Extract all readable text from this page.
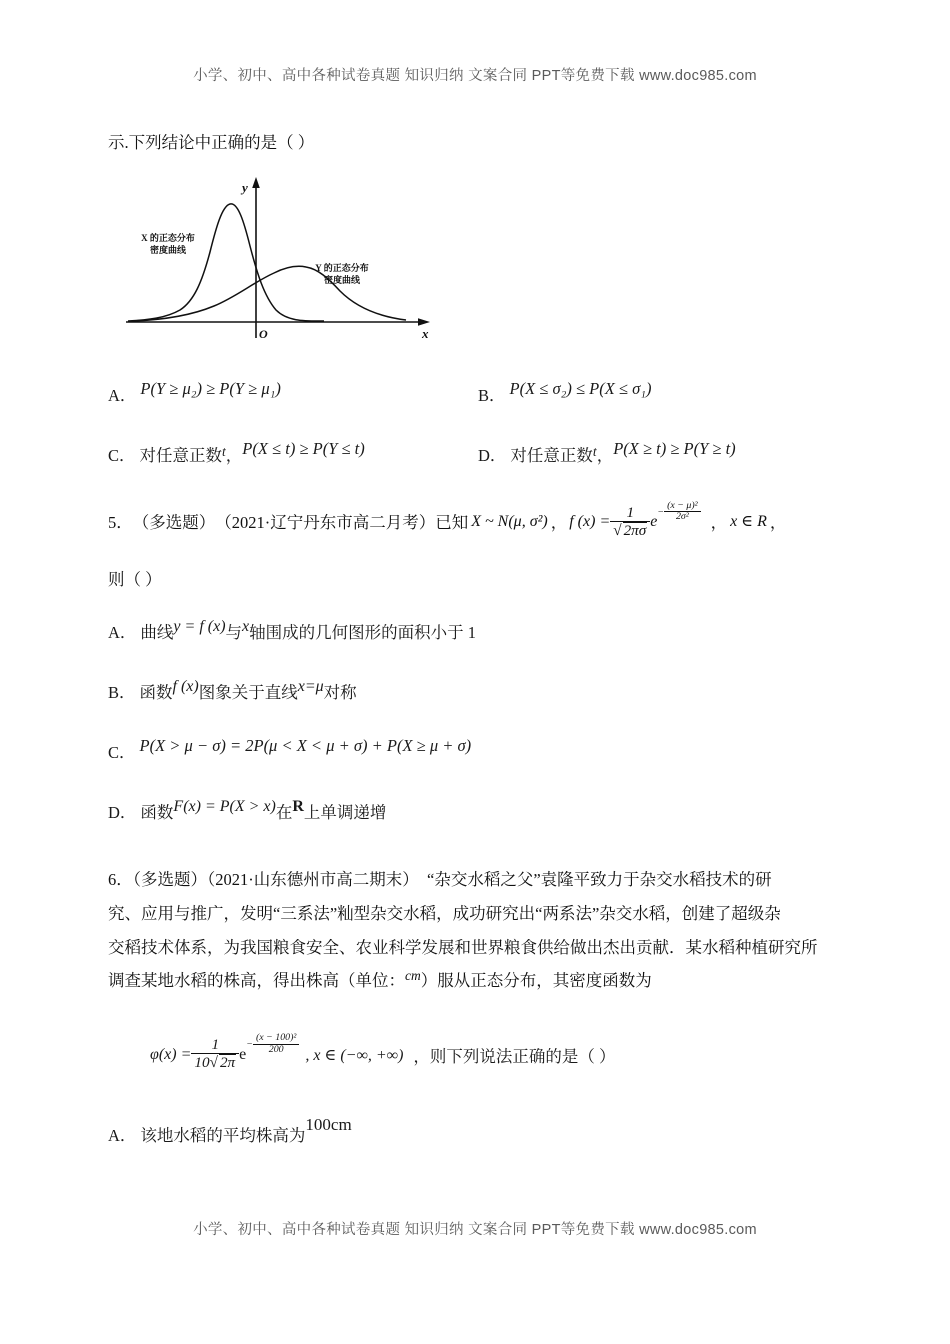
小学、初中、高中各种试卷真题 知识归纳 文案合同 PPT等免费下载 www.doc985.com

示.下列结论中正确的是（ ）

y
x
O
X 的正态分布
密度曲线
Y 的正态分布
密度曲线
A． P(Y ≥ μ₂) ≥ P(Y ≥ μ₁)	B． P(X ≤ σ₂) ≤ P(X ≤ σ₁)
C． 对任意正数 t ， P(X ≤ t) ≥ P(Y ≤ t)	D． 对任意正数 t ， P(X ≥ t) ≥ P(Y ≥ t)
5． （多选题） （2021·辽宁丹东市高二月考） 已知 X ~ N(μ, σ²) ， f $(x) = \frac{1}{√ 2\pi\sigma}$ e
− $\frac{\text{(x − μ)²}}{\text{2σ²}}$ ， x ∈ R ，

则（ ）

A． 曲线 y = f (x) 与 x 轴围成的几何图形的面积小于 1
B． 函数 f (x) 图象关于直线 x=μ 对称
C． P(X > μ − σ) = 2P(μ < X < μ + σ) + P(X ≥ μ + σ)
D． 函数 F(x) = P(X > x) 在 R 上单调递增

6．（多选题）（2021·山东德州市高二期末）　 “杂交水稻之父”袁隆平致力于杂交水稻技术的研

究、应用与推广，发明“三系法”籼型杂交水稻，成功研究出“两系法”杂交水稻，创建了超级杂

交稻技术体系，为我国粮食安全、农业科学发展和世界粮食供给做出杰出贡献．某水稻种植研究所

调查某地水稻的株高，得出株高（单位：cm）服从正态分布，其密度函数为

$\varphi(x) = \frac{1}{10√ 2\pi}$ e
− $\frac{\text{(x − 100)²}}{200}$
, x ∈ (−∞, +∞) ，则下列说法正确的是（ ）
A． 该地水稻的平均株高为
100cm
小学、初中、高中各种试卷真题 知识归纳 文案合同 PPT等免费下载 www.doc985.com
